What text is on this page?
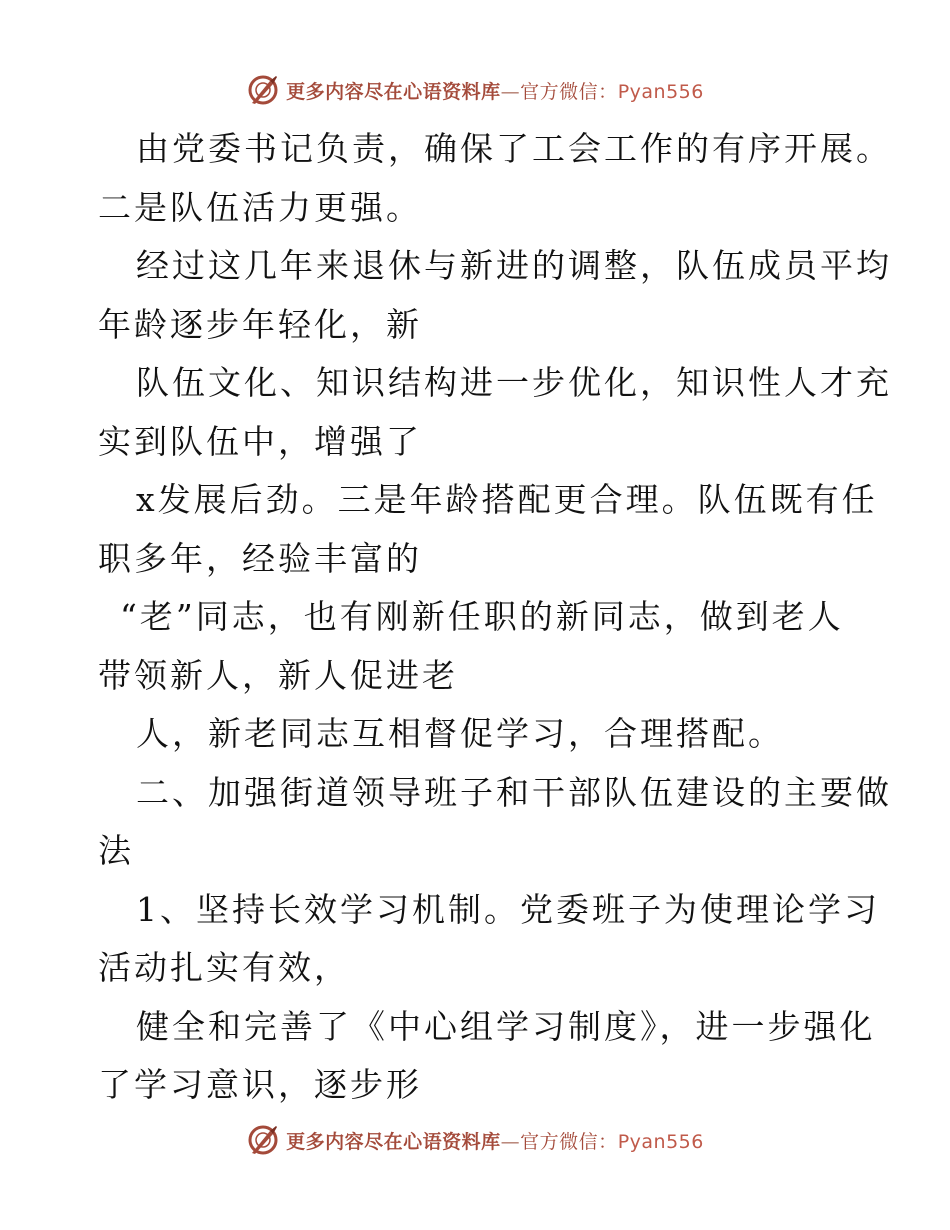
更多内容尽在心语资料库—官方微信：Pyan556
由党委书记负责，确保了工会工作的有序开展。
二是队伍活力更强。
经过这几年来退休与新进的调整，队伍成员平均
年龄逐步年轻化，新
队伍文化、知识结构进一步优化，知识性人才充
实到队伍中，增强了
x发展后劲。三是年龄搭配更合理。队伍既有任
职多年，经验丰富的
“老”同志，也有刚新任职的新同志，做到老人
带领新人，新人促进老
人，新老同志互相督促学习，合理搭配。
二、加强街道领导班子和干部队伍建设的主要做
法
1、坚持长效学习机制。党委班子为使理论学习
活动扎实有效，
健全和完善了《中心组学习制度》，进一步强化
了学习意识，逐步形
更多内容尽在心语资料库—官方微信：Pyan556
